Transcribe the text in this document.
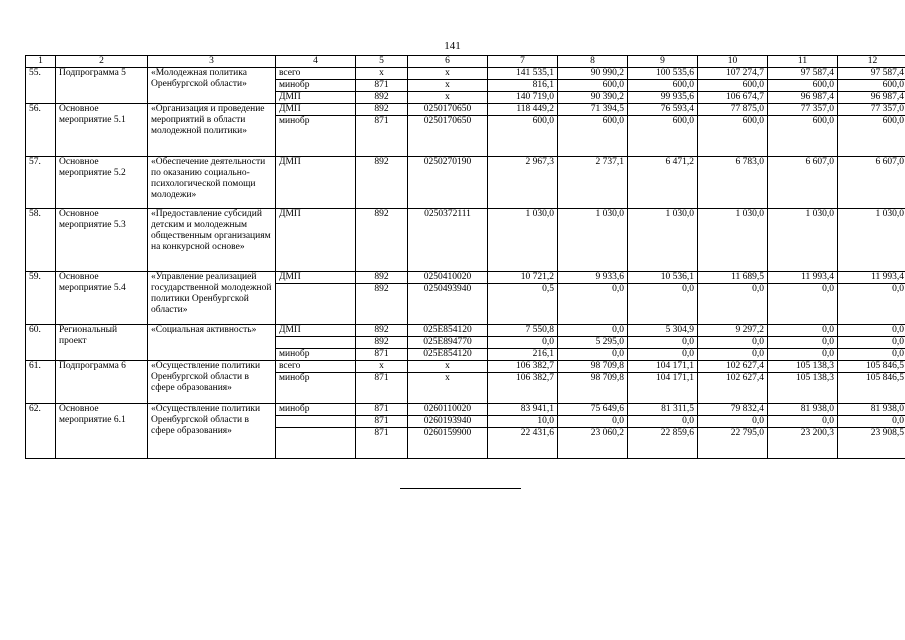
141
1	2	3	4	5	6	7	8	9	10	11	12
55.	Подпрограмма 5	«Молодежная политика Оренбургской области»	всего	х	х	141 535,1	90 990,2	100 535,6	107 274,7	97 587,4	97 587,4
			минобр	871	х	816,1	600,0	600,0	600,0	600,0	600,0
			ДМП	892	х	140 719,0	90 390,2	99 935,6	106 674,7	96 987,4	96 987,4
56.	Основное мероприятие 5.1	«Организация и проведение мероприятий в области молодежной политики»	ДМП	892	0250170650	118 449,2	71 394,5	76 593,4	77 875,0	77 357,0	77 357,0
			минобр	871	0250170650	600,0	600,0	600,0	600,0	600,0	600,0
57.	Основное мероприятие 5.2	«Обеспечение деятельности по оказанию социально-психологической помощи молодежи»	ДМП	892	0250270190	2 967,3	2 737,1	6 471,2	6 783,0	6 607,0	6 607,0
58.	Основное мероприятие 5.3	«Предоставление субсидий детским и молодежным общественным организациям на конкурсной основе»	ДМП	892	0250372111	1 030,0	1 030,0	1 030,0	1 030,0	1 030,0	1 030,0
59.	Основное мероприятие 5.4	«Управление реализацией государственной молодежной политики Оренбургской области»	ДМП	892	0250410020	10 721,2	9 933,6	10 536,1	11 689,5	11 993,4	11 993,4
				892	0250493940	0,5	0,0	0,0	0,0	0,0	0,0
60.	Региональный проект	«Социальная активность»	ДМП	892	025E854120	7 550,8	0,0	5 304,9	9 297,2	0,0	0,0
				892	025E894770	0,0	5 295,0	0,0	0,0	0,0	0,0
			минобр	871	025E854120	216,1	0,0	0,0	0,0	0,0	0,0
61.	Подпрограмма 6	«Осуществление политики Оренбургской области в сфере образования»	всего	х	х	106 382,7	98 709,8	104 171,1	102 627,4	105 138,3	105 846,5
			минобр	871	х	106 382,7	98 709,8	104 171,1	102 627,4	105 138,3	105 846,5
62.	Основное мероприятие 6.1	«Осуществление политики Оренбургской области в сфере образования»	минобр	871	0260110020	83 941,1	75 649,6	81 311,5	79 832,4	81 938,0	81 938,0
				871	0260193940	10,0	0,0	0,0	0,0	0,0	0,0
				871	0260159900	22 431,6	23 060,2	22 859,6	22 795,0	23 200,3	23 908,5
